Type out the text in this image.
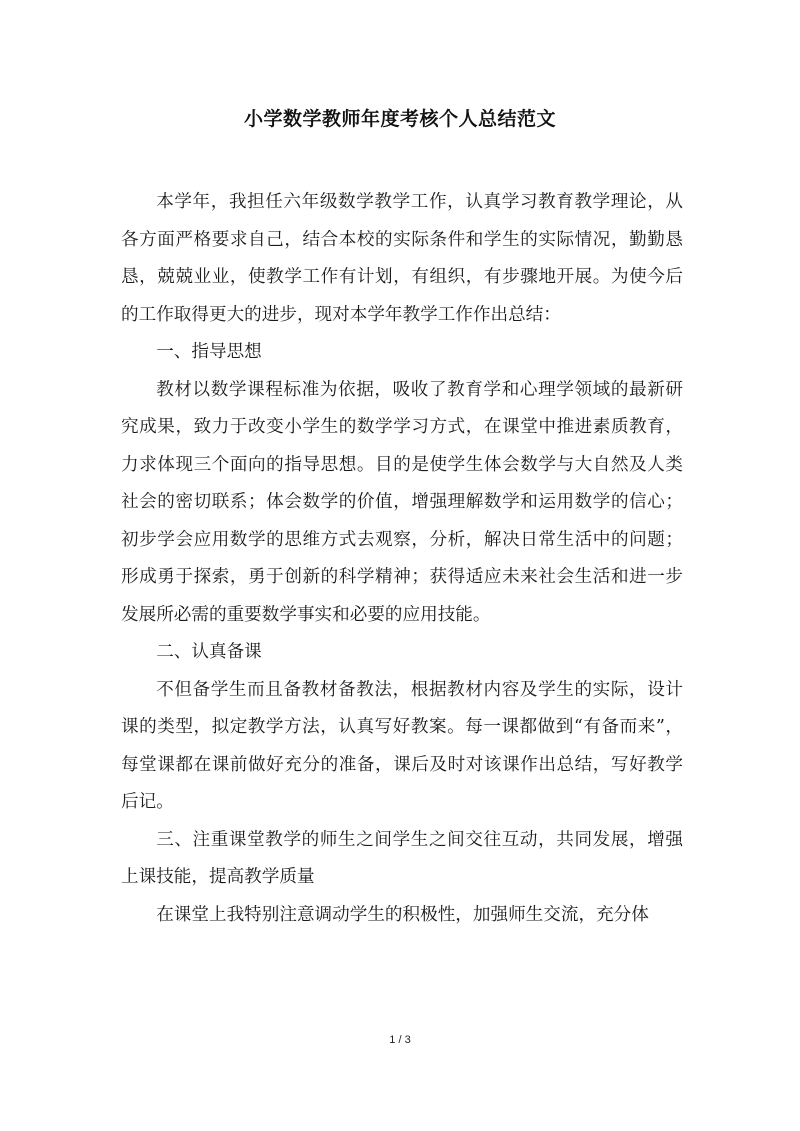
小学数学教师年度考核个人总结范文

本学年，我担任六年级数学教学工作，认真学习教育教学理论，从各方面严格要求自己，结合本校的实际条件和学生的实际情况，勤勤恳恳，兢兢业业，使教学工作有计划，有组织，有步骤地开展。为使今后的工作取得更大的进步，现对本学年教学工作作出总结：

一、指导思想

教材以数学课程标准为依据，吸收了教育学和心理学领域的最新研究成果，致力于改变小学生的数学学习方式，在课堂中推进素质教育，力求体现三个面向的指导思想。目的是使学生体会数学与大自然及人类社会的密切联系；体会数学的价值，增强理解数学和运用数学的信心；初步学会应用数学的思维方式去观察，分析，解决日常生活中的问题；形成勇于探索，勇于创新的科学精神；获得适应未来社会生活和进一步发展所必需的重要数学事实和必要的应用技能。

二、认真备课

不但备学生而且备教材备教法，根据教材内容及学生的实际，设计课的类型，拟定教学方法，认真写好教案。每一课都做到“有备而来”，每堂课都在课前做好充分的准备，课后及时对该课作出总结，写好教学后记。

三、注重课堂教学的师生之间学生之间交往互动，共同发展，增强上课技能，提高教学质量

在课堂上我特别注意调动学生的积极性，加强师生交流，充分体

1 / 3
